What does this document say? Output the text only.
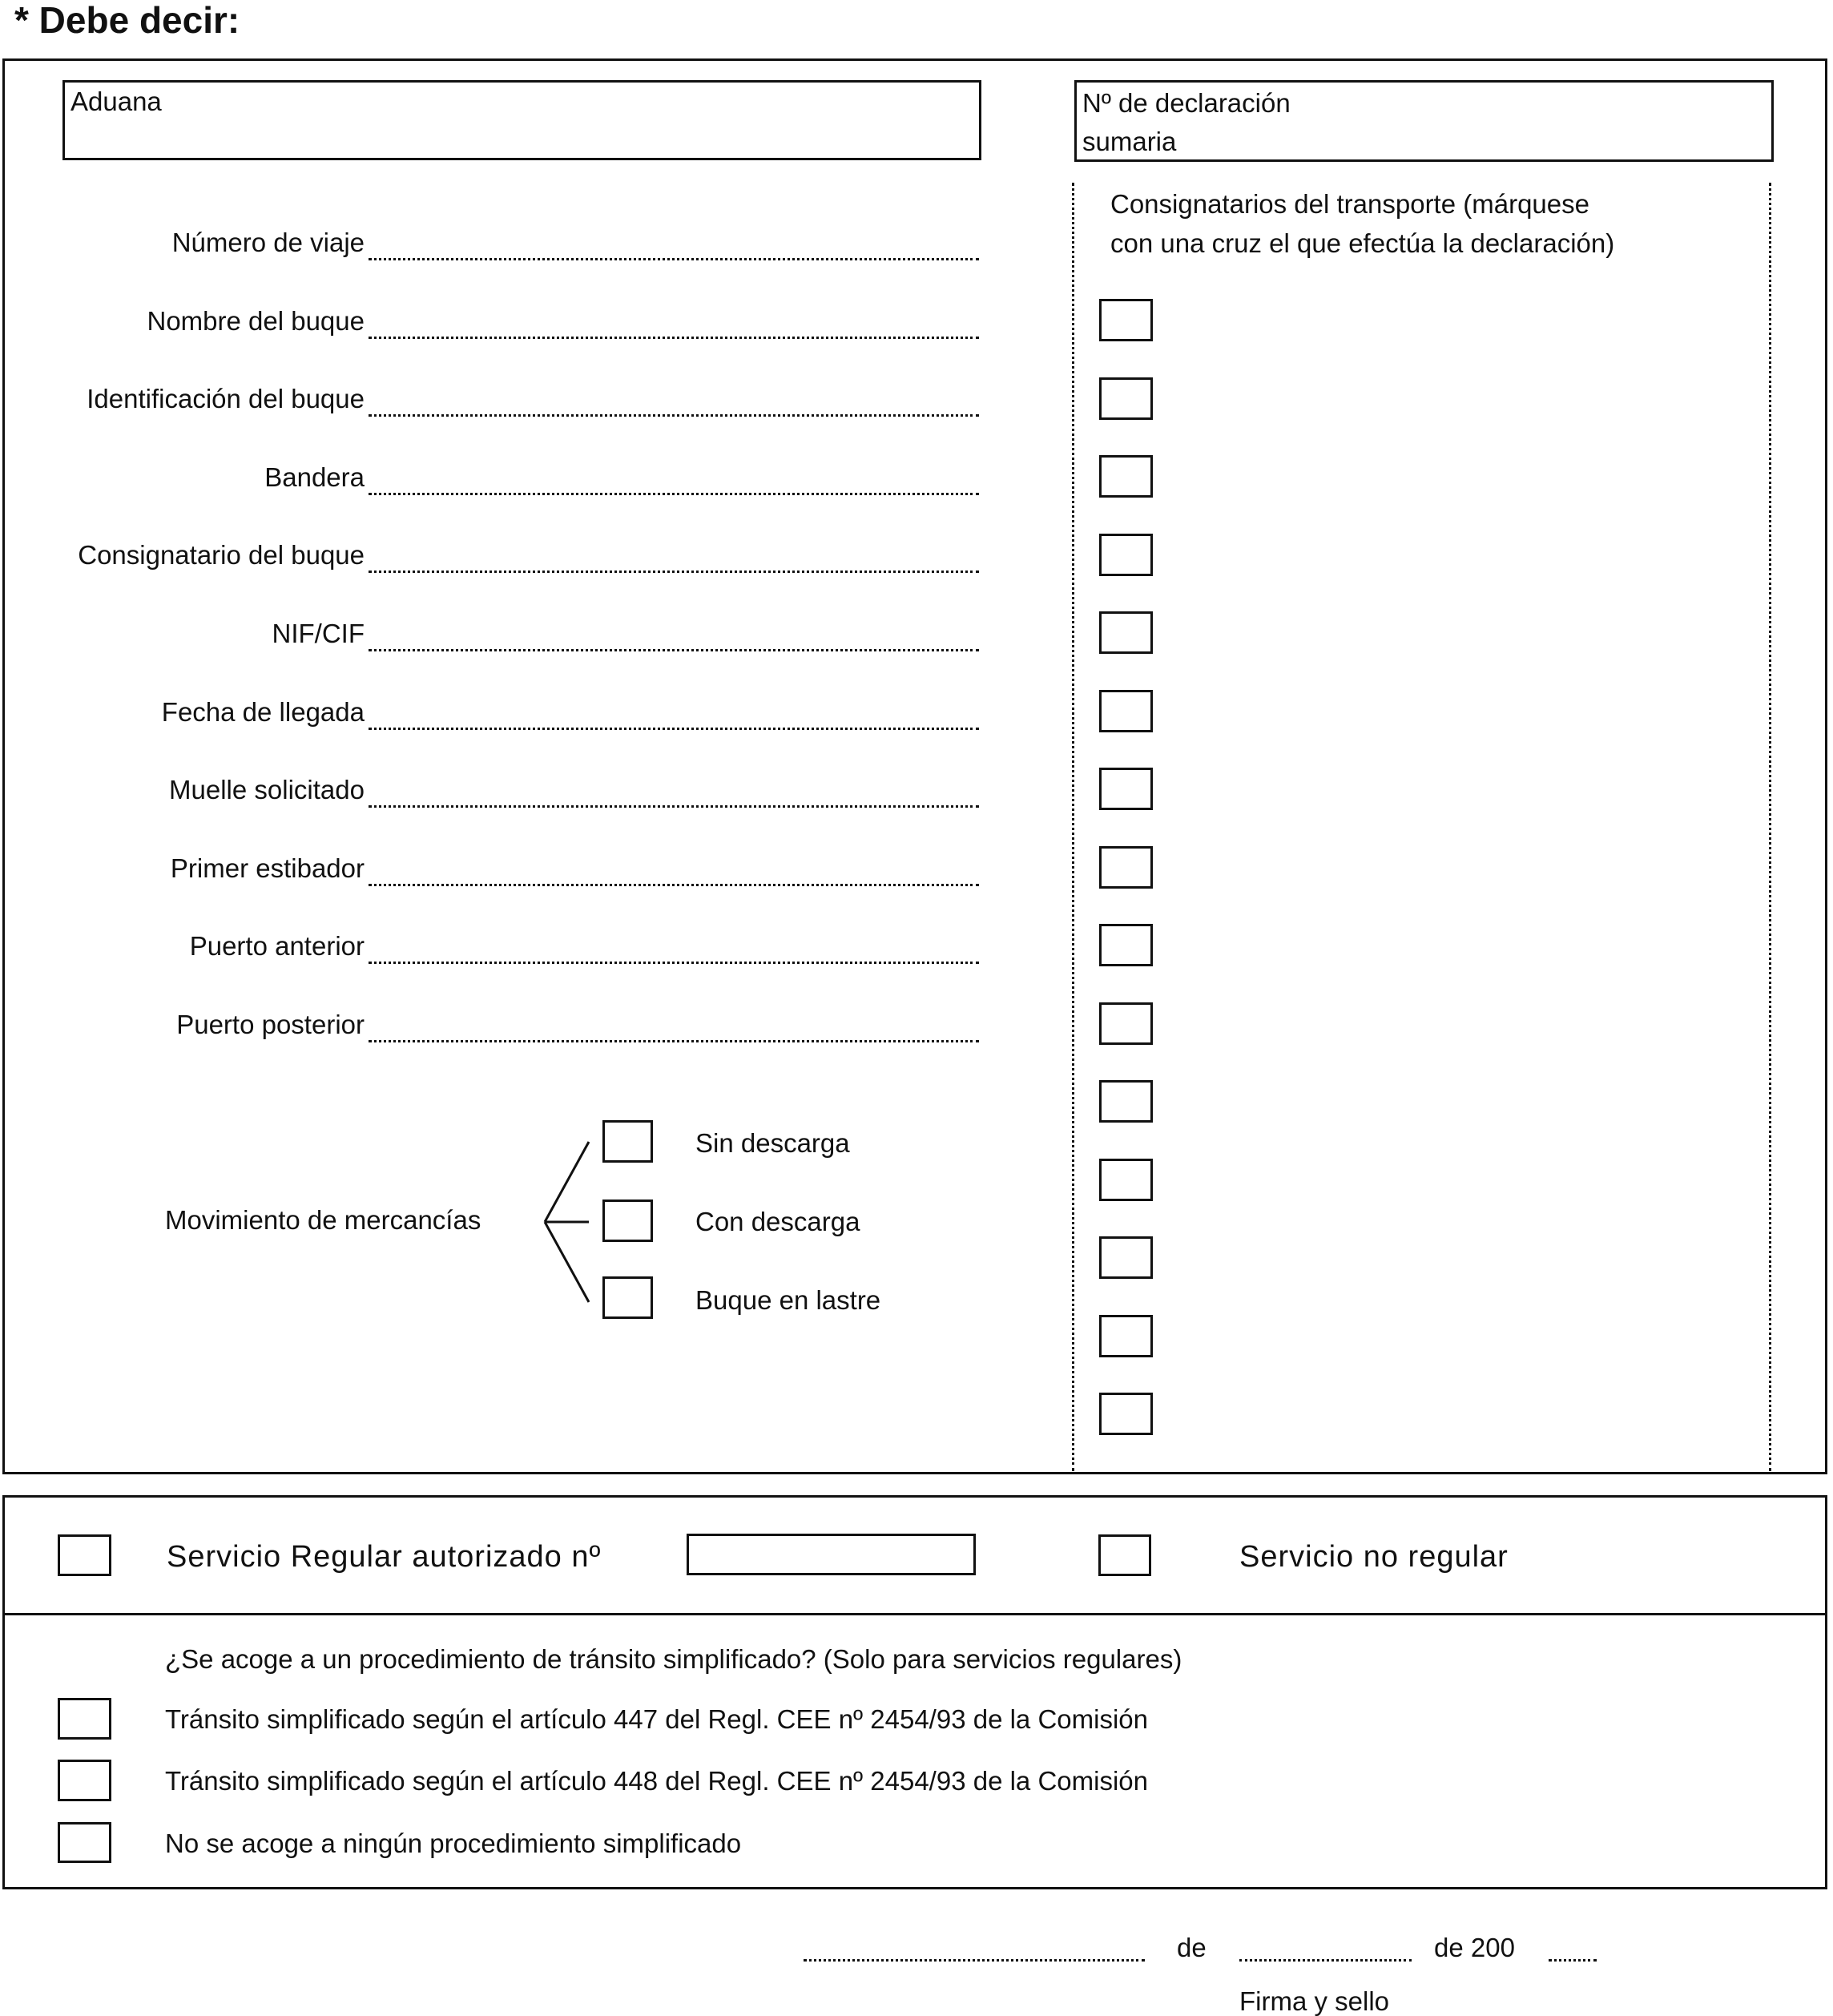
* Debe decir:
Aduana	Nº de declaración
sumaria
Consignatarios del transporte (márquese
con una cruz el que efectúa la declaración)
Número de viaje
Nombre del buque
Identificación del buque
Bandera
Consignatario del buque
NIF/CIF
Fecha de llegada
Muelle solicitado
Primer estibador
Puerto anterior
Puerto posterior
Movimiento de mercancías
Sin descarga
Con descarga
Buque en lastre
Servicio Regular autorizado nº	Servicio no regular
¿Se acoge a un procedimiento de tránsito simplificado? (Solo para servicios regulares)
Tránsito simplificado según el artículo 447 del Regl. CEE nº 2454/93 de la Comisión
Tránsito simplificado según el artículo 448 del Regl. CEE nº 2454/93 de la Comisión
No se acoge a ningún procedimiento simplificado
de	de 200
Firma y sello
